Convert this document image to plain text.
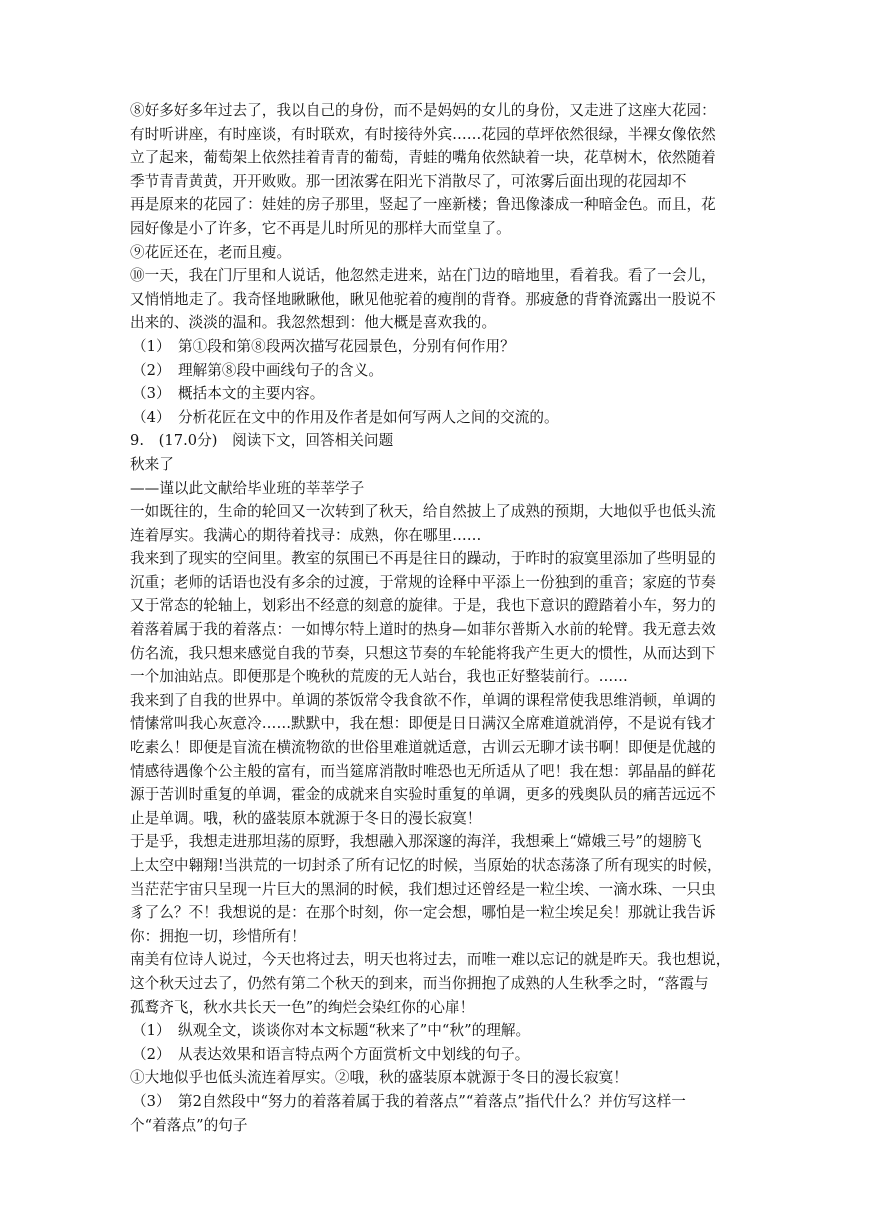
⑧好多好多年过去了，我以自己的身份，而不是妈妈的女儿的身份，又走进了这座大花园：
有时听讲座，有时座谈，有时联欢，有时接待外宾……花园的草坪依然很绿，半裸女像依然
立了起来，葡萄架上依然挂着青青的葡萄，青蛙的嘴角依然缺着一块，花草树木，依然随着
季节青青黄黄，开开败败。那一团浓雾在阳光下消散尽了，可浓雾后面出现的花园却不
再是原来的花园了：娃娃的房子那里，竖起了一座新楼；鲁迅像漆成一种暗金色。而且，花
园好像是小了许多，它不再是儿时所见的那样大而堂皇了。
⑨花匠还在，老而且瘦。
⑩一天，我在门厅里和人说话，他忽然走进来，站在门边的暗地里，看着我。看了一会儿，
又悄悄地走了。我奇怪地瞅瞅他，瞅见他驼着的瘦削的背脊。那疲惫的背脊流露出一股说不
出来的、淡淡的温和。我忽然想到：他大概是喜欢我的。
（1）　第①段和第⑧段两次描写花园景色，分别有何作用？
（2）　理解第⑧段中画线句子的含义。
（3）　概括本文的主要内容。
（4）　分析花匠在文中的作用及作者是如何写两人之间的交流的。
9.　(17.0分)　阅读下文，回答相关问题
秋来了
——谨以此文献给毕业班的莘莘学子
一如既往的，生命的轮回又一次转到了秋天，给自然披上了成熟的预期，大地似乎也低头流
连着厚实。我满心的期待着找寻：成熟，你在哪里……
我来到了现实的空间里。教室的氛围已不再是往日的躁动，于昨时的寂寞里添加了些明显的
沉重；老师的话语也没有多余的过渡，于常规的诠释中平添上一份独到的重音；家庭的节奏
又于常态的轮轴上，划彩出不经意的刻意的旋律。于是，我也下意识的蹬踏着小车，努力的
着落着属于我的着落点：一如博尔特上道时的热身—如菲尔普斯入水前的轮臂。我无意去效
仿名流，我只想来感觉自我的节奏，只想这节奏的车轮能将我产生更大的惯性，从而达到下
一个加油站点。即便那是个晚秋的荒废的无人站台，我也正好整装前行。……
我来到了自我的世界中。单调的茶饭常令我食欲不作，单调的课程常使我思维消顿，单调的
情愫常叫我心灰意冷……默默中，我在想：即便是日日满汉全席难道就消停，不是说有钱才
吃素么！即便是盲流在横流物欲的世俗里难道就适意，古训云无聊才读书啊！即便是优越的
情感待遇像个公主般的富有，而当筵席消散时唯恐也无所适从了吧！我在想：郭晶晶的鲜花
源于苦训时重复的单调，霍金的成就来自实验时重复的单调，更多的残奥队员的痛苦远远不
止是单调。哦，秋的盛装原本就源于冬日的漫长寂寞！
于是乎，我想走进那坦荡的原野，我想融入那深邃的海洋，我想乘上“嫦娥三号”的翅膀飞
上太空中翱翔!当洪荒的一切封杀了所有记忆的时候，当原始的状态荡涤了所有现实的时候，
当茫茫宇宙只呈现一片巨大的黑洞的时候，我们想过还曾经是一粒尘埃、一滴水珠、一只虫
豸了么？不！我想说的是：在那个时刻，你一定会想，哪怕是一粒尘埃足矣！那就让我告诉
你：拥抱一切，珍惜所有！
南美有位诗人说过，今天也将过去，明天也将过去，而唯一难以忘记的就是昨天。我也想说，
这个秋天过去了，仍然有第二个秋天的到来，而当你拥抱了成熟的人生秋季之时，“落霞与
孤鹜齐飞，秋水共长天一色”的绚烂会染红你的心扉！
（1）　纵观全文，谈谈你对本文标题“秋来了”中“秋”的理解。
（2）　从表达效果和语言特点两个方面赏析文中划线的句子。
①大地似乎也低头流连着厚实。②哦，秋的盛装原本就源于冬日的漫长寂寞！
（3）　第2自然段中“努力的着落着属于我的着落点”“着落点”指代什么？并仿写这样一
个“着落点”的句子
